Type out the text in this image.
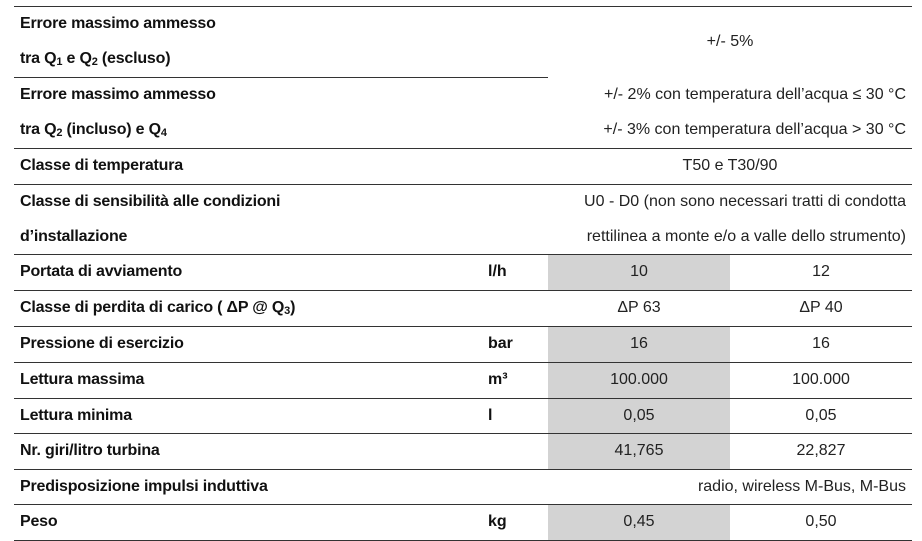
Errore massimo ammesso		+/- 5%	
tra Q1 e Q2 (escluso)			
Errore massimo ammesso		+/- 2% con temperatura dell’acqua ≤ 30 °C	
tra Q2 (incluso) e Q4		+/- 3% con temperatura dell’acqua > 30 °C	
Classe di temperatura		T50 e T30/90	
Classe di sensibilità alle condizioni		U0 - D0 (non sono necessari tratti di condotta	
d’installazione		rettilinea a monte e/o a valle dello strumento)	
Portata di avviamento	l/h	10	12
Classe di perdita di carico ( ΔP @ Q3)		ΔP 63	ΔP 40
Pressione di esercizio	bar	16	16
Lettura massima	m³	100.000	100.000
Lettura minima	l	0,05	0,05
Nr. giri/litro turbina		41,765	22,827
Predisposizione impulsi induttiva		radio, wireless M-Bus, M-Bus	
Peso	kg	0,45	0,50
